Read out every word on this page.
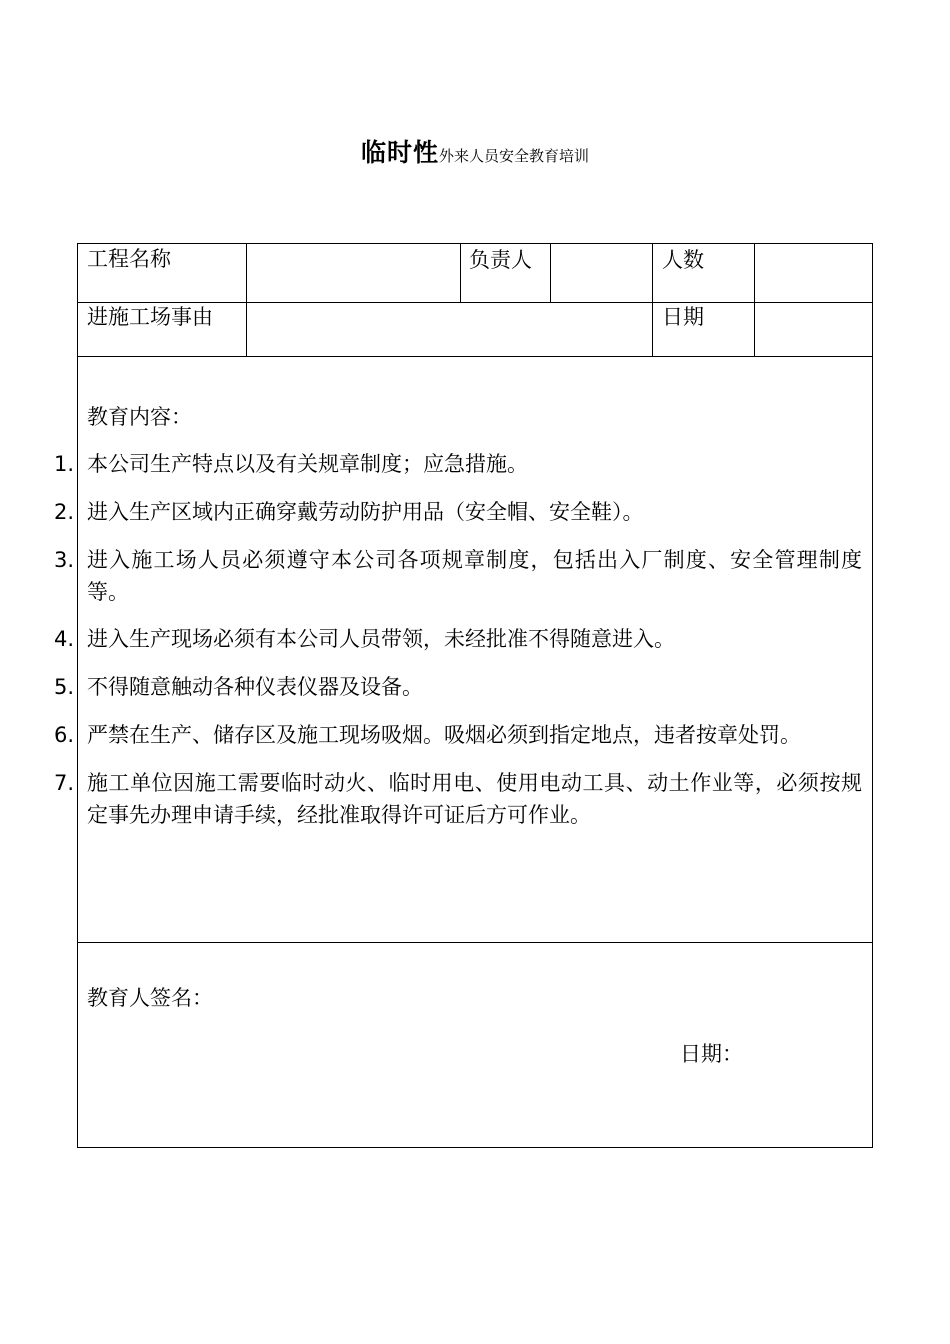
临时性外来人员安全教育培训
工程名称	负责人	人数
进施工场事由	日期
教育内容：
1. 本公司生产特点以及有关规章制度；应急措施。
2. 进入生产区域内正确穿戴劳动防护用品（安全帽、安全鞋）。
3. 进入施工场人员必须遵守本公司各项规章制度，包括出入厂制度、安全管理制度等。
4. 进入生产现场必须有本公司人员带领，未经批准不得随意进入。
5. 不得随意触动各种仪表仪器及设备。
6. 严禁在生产、储存区及施工现场吸烟。吸烟必须到指定地点，违者按章处罚。
7. 施工单位因施工需要临时动火、临时用电、使用电动工具、动土作业等，必须按规定事先办理申请手续，经批准取得许可证后方可作业。
教育人签名：
日期：
